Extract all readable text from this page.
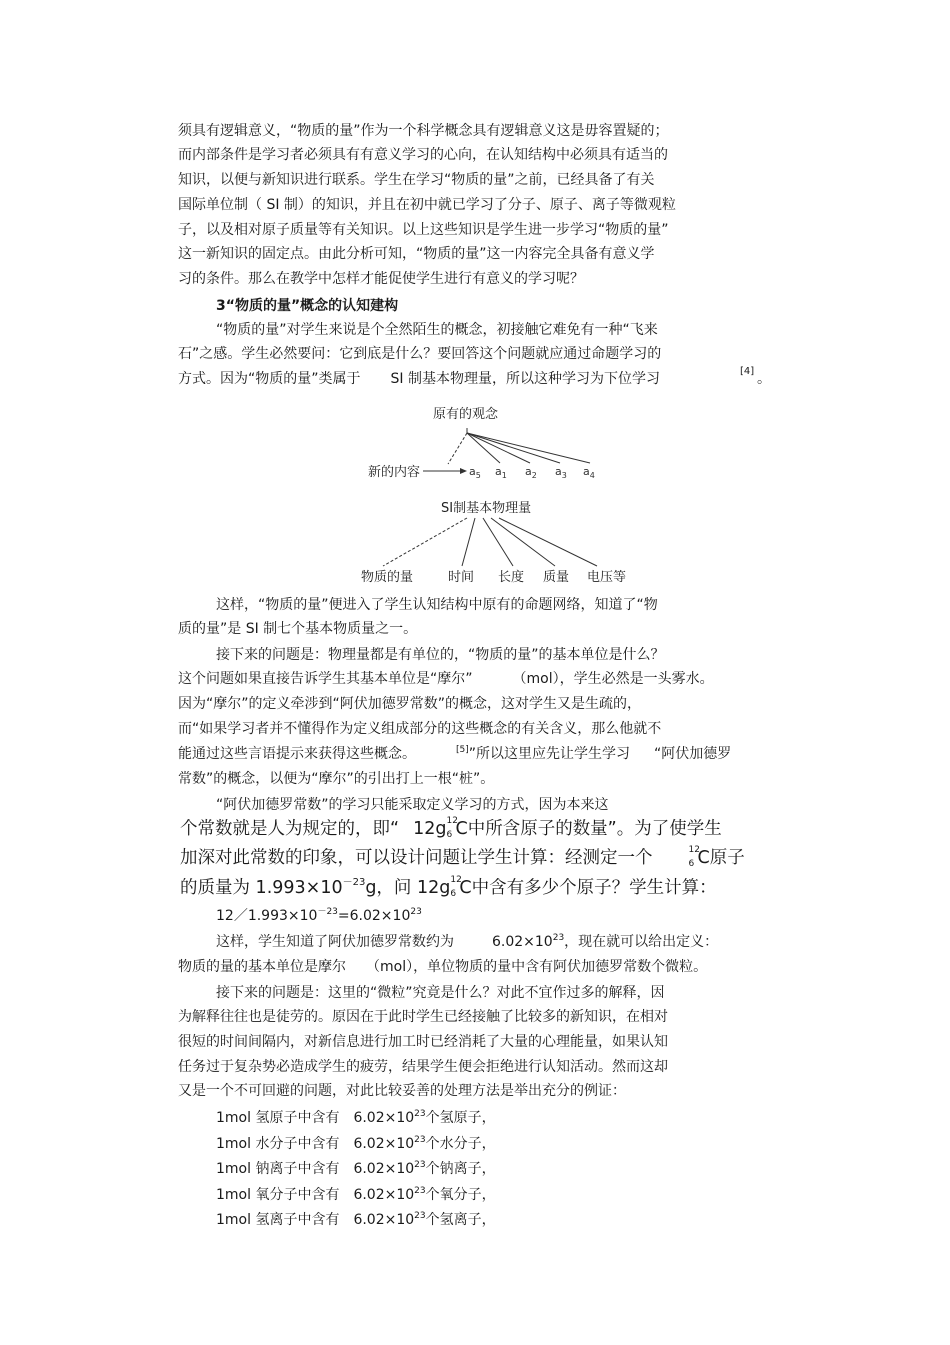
须具有逻辑意义，“物质的量”作为一个科学概念具有逻辑意义这是毋容置疑的；
而内部条件是学习者必须具有有意义学习的心向，在认知结构中必须具有适当的
知识，以便与新知识进行联系。学生在学习“物质的量”之前，已经具备了有关
国际单位制（ SI 制）的知识，并且在初中就已学习了分子、原子、离子等微观粒
子，以及相对原子质量等有关知识。以上这些知识是学生进一步学习“物质的量”
这一新知识的固定点。由此分析可知，“物质的量”这一内容完全具备有意义学
习的条件。那么在教学中怎样才能促使学生进行有意义的学习呢？
3“物质的量”概念的认知建构
“物质的量”对学生来说是个全然陌生的概念，初接触它难免有一种“飞来
石”之感。学生必然要问：它到底是什么？要回答这个问题就应通过命题学习的
方式。因为“物质的量”类属于 SI 制基本物理量，所以这种学习为下位学习	[4] 。
原有的观念
新的内容	$a_5$ $a_1$ $a_2$ $a_3$ $a_4$
SI制基本物理量
物质的量	时间 长度 质量 电压等
这样，“物质的量”便进入了学生认知结构中原有的命题网络，知道了“物
质的量”是 SI 制七个基本物质量之一。
接下来的问题是：物理量都是有单位的，“物质的量”的基本单位是什么？
这个问题如果直接告诉学生其基本单位是“摩尔”	（mol），学生必然是一头雾水。
因为“摩尔”的定义牵涉到“阿伏加德罗常数”的概念，这对学生又是生疏的，
而“如果学习者并不懂得作为定义组成部分的这些概念的有关含义，那么他就不
能通过这些言语提示来获得这些概念。	[5]”所以这里应先让学生学习 “阿伏加德罗
常数”的概念，以便为“摩尔”的引出打上一根“桩”。
“阿伏加德罗常数”的学习只能采取定义学习的方式，因为本来这
个常数就是人为规定的，即“ 12g 12
6 C中所含原子的数量”。为了使学生
加深对此常数的印象，可以设计问题让学生计算：经测定一个	12
6 C原子
的质量为 $1.993\times 10^{-23}g$，问 12g 12
6 C中含有多少个原子？学生计算：
$12/1.993\times 10^{-23}=6.02\times 10^{23}$
这样，学生知道了阿伏加德罗常数约为	$6.02\times 10^{23}$，现在就可以给出定义：
物质的量的基本单位是摩尔 （mol），单位物质的量中含有阿伏加德罗常数个微粒。
接下来的问题是：这里的“微粒”究竟是什么？对此不宜作过多的解释，因
为解释往往也是徒劳的。原因在于此时学生已经接触了比较多的新知识，在相对
很短的时间间隔内，对新信息进行加工时已经消耗了大量的心理能量，如果认知
任务过于复杂势必造成学生的疲劳，结果学生便会拒绝进行认知活动。然而这却
又是一个不可回避的问题，对此比较妥善的处理方法是举出充分的例证：
1mol 氢原子中含有 $6.02\times 10^{23}$个氢原子，
1mol 水分子中含有 $6.02\times 10^{23}$个水分子，
1mol 钠离子中含有 $6.02\times 10^{23}$个钠离子，
1mol 氧分子中含有 $6.02\times 10^{23}$个氧分子，
1mol 氢离子中含有 $6.02\times 10^{23}$个氢离子，
